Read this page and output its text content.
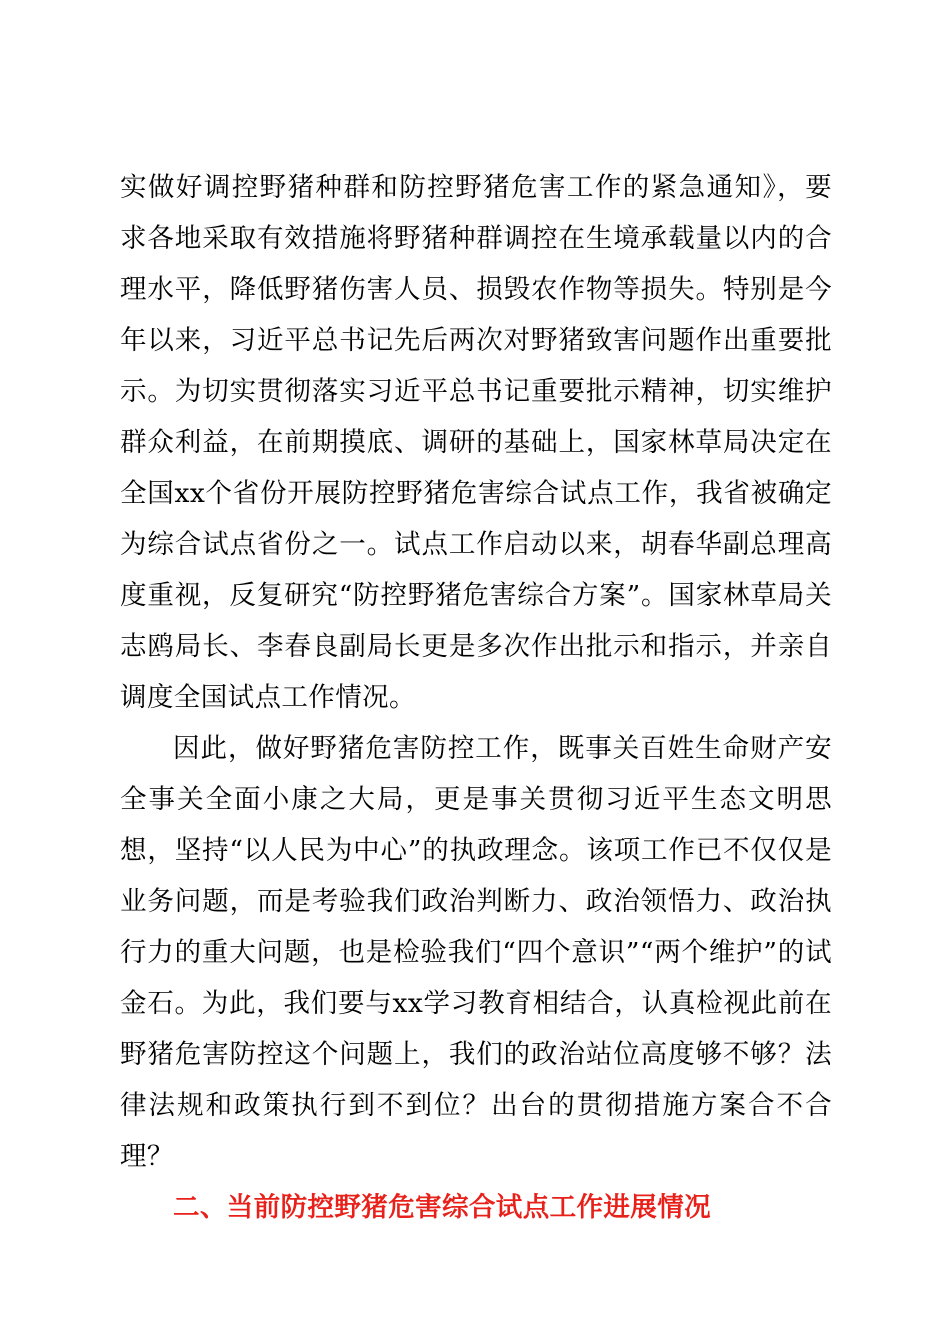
实做好调控野猪种群和防控野猪危害工作的紧急通知》，要求各地采取有效措施将野猪种群调控在生境承载量以内的合理水平，降低野猪伤害人员、损毁农作物等损失。特别是今年以来，习近平总书记先后两次对野猪致害问题作出重要批示。为切实贯彻落实习近平总书记重要批示精神，切实维护群众利益，在前期摸底、调研的基础上，国家林草局决定在全国xx个省份开展防控野猪危害综合试点工作，我省被确定为综合试点省份之一。试点工作启动以来，胡春华副总理高度重视，反复研究“防控野猪危害综合方案”。国家林草局关志鸥局长、李春良副局长更是多次作出批示和指示，并亲自调度全国试点工作情况。

因此，做好野猪危害防控工作，既事关百姓生命财产安全事关全面小康之大局，更是事关贯彻习近平生态文明思想，坚持“以人民为中心”的执政理念。该项工作已不仅仅是业务问题，而是考验我们政治判断力、政治领悟力、政治执行力的重大问题，也是检验我们“四个意识”“两个维护”的试金石。为此，我们要与xx学习教育相结合，认真检视此前在野猪危害防控这个问题上，我们的政治站位高度够不够？法律法规和政策执行到不到位？出台的贯彻措施方案合不合理？

二、当前防控野猪危害综合试点工作进展情况
